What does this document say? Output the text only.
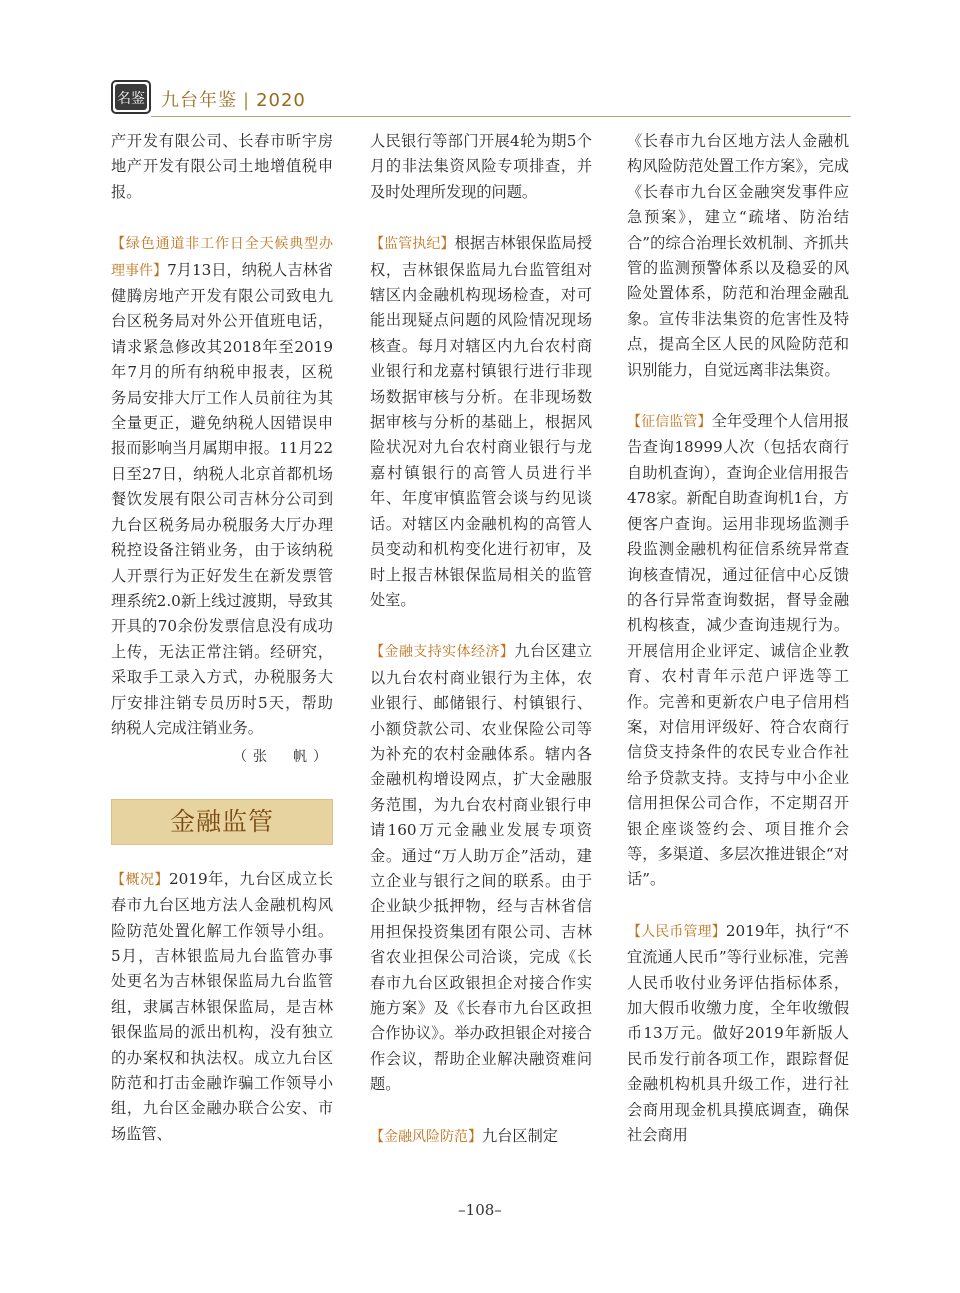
名鉴 九台年鉴 | 2020

产开发有限公司、长春市昕宇房地产开发有限公司土地增值税申报。

【绿色通道非工作日全天候典型办理事件】7月13日，纳税人吉林省健腾房地产开发有限公司致电九台区税务局对外公开值班电话，请求紧急修改其2018年至2019年7月的所有纳税申报表，区税务局安排大厅工作人员前往为其全量更正，避免纳税人因错误申报而影响当月属期申报。11月22日至27日，纳税人北京首都机场餐饮发展有限公司吉林分公司到九台区税务局办税服务大厅办理税控设备注销业务，由于该纳税人开票行为正好发生在新发票管理系统2.0新上线过渡期，导致其开具的70余份发票信息没有成功上传，无法正常注销。经研究，采取手工录入方式，办税服务大厅安排注销专员历时5天，帮助纳税人完成注销业务。

（张　帆）
金融监管

【概况】2019年，九台区成立长春市九台区地方法人金融机构风险防范处置化解工作领导小组。5月，吉林银监局九台监管办事处更名为吉林银保监局九台监管组，隶属吉林银保监局，是吉林银保监局的派出机构，没有独立的办案权和执法权。成立九台区防范和打击金融诈骗工作领导小组，九台区金融办联合公安、市场监管、

人民银行等部门开展4轮为期5个月的非法集资风险专项排查，并及时处理所发现的问题。

【监管执纪】根据吉林银保监局授权，吉林银保监局九台监管组对辖区内金融机构现场检查，对可能出现疑点问题的风险情况现场核查。每月对辖区内九台农村商业银行和龙嘉村镇银行进行非现场数据审核与分析。在非现场数据审核与分析的基础上，根据风险状况对九台农村商业银行与龙嘉村镇银行的高管人员进行半年、年度审慎监管会谈与约见谈话。对辖区内金融机构的高管人员变动和机构变化进行初审，及时上报吉林银保监局相关的监管处室。

【金融支持实体经济】九台区建立以九台农村商业银行为主体，农业银行、邮储银行、村镇银行、小额贷款公司、农业保险公司等为补充的农村金融体系。辖内各金融机构增设网点，扩大金融服务范围，为九台农村商业银行申请160万元金融业发展专项资金。通过“万人助万企”活动，建立企业与银行之间的联系。由于企业缺少抵押物，经与吉林省信用担保投资集团有限公司、吉林省农业担保公司洽谈，完成《长春市九台区政银担企对接合作实施方案》及《长春市九台区政担合作协议》。举办政担银企对接合作会议，帮助企业解决融资难问题。

【金融风险防范】九台区制定

《长春市九台区地方法人金融机构风险防范处置工作方案》，完成《长春市九台区金融突发事件应急预案》，建立“疏堵、防治结合”的综合治理长效机制、齐抓共管的监测预警体系以及稳妥的风险处置体系，防范和治理金融乱象。宣传非法集资的危害性及特点，提高全区人民的风险防范和识别能力，自觉远离非法集资。

【征信监管】全年受理个人信用报告查询18999人次（包括农商行自助机查询），查询企业信用报告478家。新配自助查询机1台，方便客户查询。运用非现场监测手段监测金融机构征信系统异常查询核查情况，通过征信中心反馈的各行异常查询数据，督导金融机构核查，减少查询违规行为。开展信用企业评定、诚信企业教育、农村青年示范户评选等工作。完善和更新农户电子信用档案，对信用评级好、符合农商行信贷支持条件的农民专业合作社给予贷款支持。支持与中小企业信用担保公司合作，不定期召开银企座谈签约会、项目推介会等，多渠道、多层次推进银企“对话”。

【人民币管理】2019年，执行“不宜流通人民币”等行业标准，完善人民币收付业务评估指标体系，加大假币收缴力度，全年收缴假币13万元。做好2019年新版人民币发行前各项工作，跟踪督促金融机构机具升级工作，进行社会商用现金机具摸底调查，确保社会商用

–108–
